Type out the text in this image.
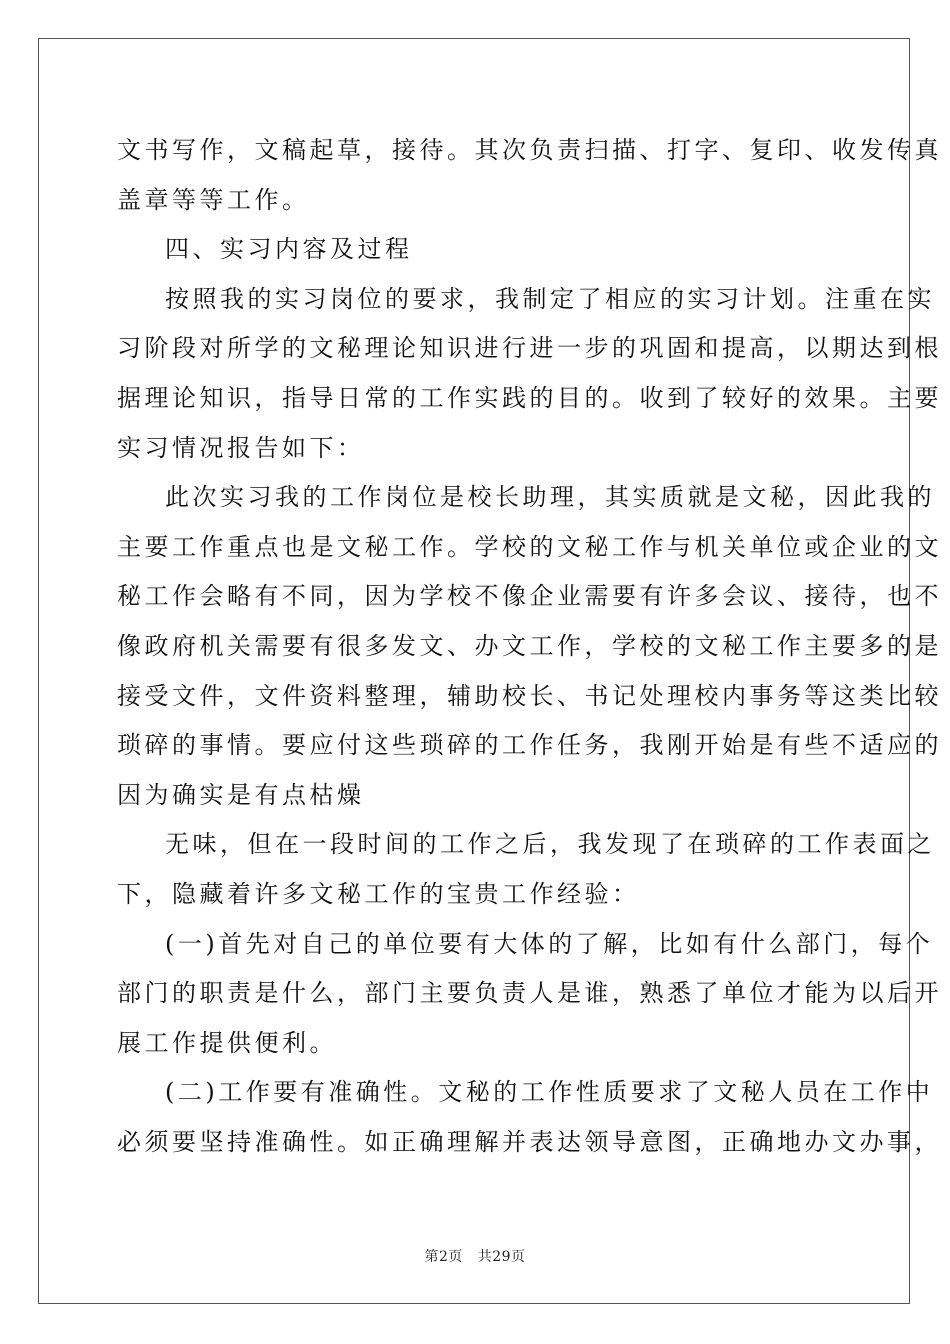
文书写作，文稿起草，接待。其次负责扫描、打字、复印、收发传真
盖章等等工作。
四、实习内容及过程
按照我的实习岗位的要求，我制定了相应的实习计划。注重在实
习阶段对所学的文秘理论知识进行进一步的巩固和提高，以期达到根
据理论知识，指导日常的工作实践的目的。收到了较好的效果。主要
实习情况报告如下：
此次实习我的工作岗位是校长助理，其实质就是文秘，因此我的
主要工作重点也是文秘工作。学校的文秘工作与机关单位或企业的文
秘工作会略有不同，因为学校不像企业需要有许多会议、接待，也不
像政府机关需要有很多发文、办文工作，学校的文秘工作主要多的是
接受文件，文件资料整理，辅助校长、书记处理校内事务等这类比较
琐碎的事情。要应付这些琐碎的工作任务，我刚开始是有些不适应的
因为确实是有点枯燥
无味，但在一段时间的工作之后，我发现了在琐碎的工作表面之
下，隐藏着许多文秘工作的宝贵工作经验：
(一)首先对自己的单位要有大体的了解，比如有什么部门，每个
部门的职责是什么，部门主要负责人是谁，熟悉了单位才能为以后开
展工作提供便利。
(二)工作要有准确性。文秘的工作性质要求了文秘人员在工作中
必须要坚持准确性。如正确理解并表达领导意图，正确地办文办事，
第2页   共29页
